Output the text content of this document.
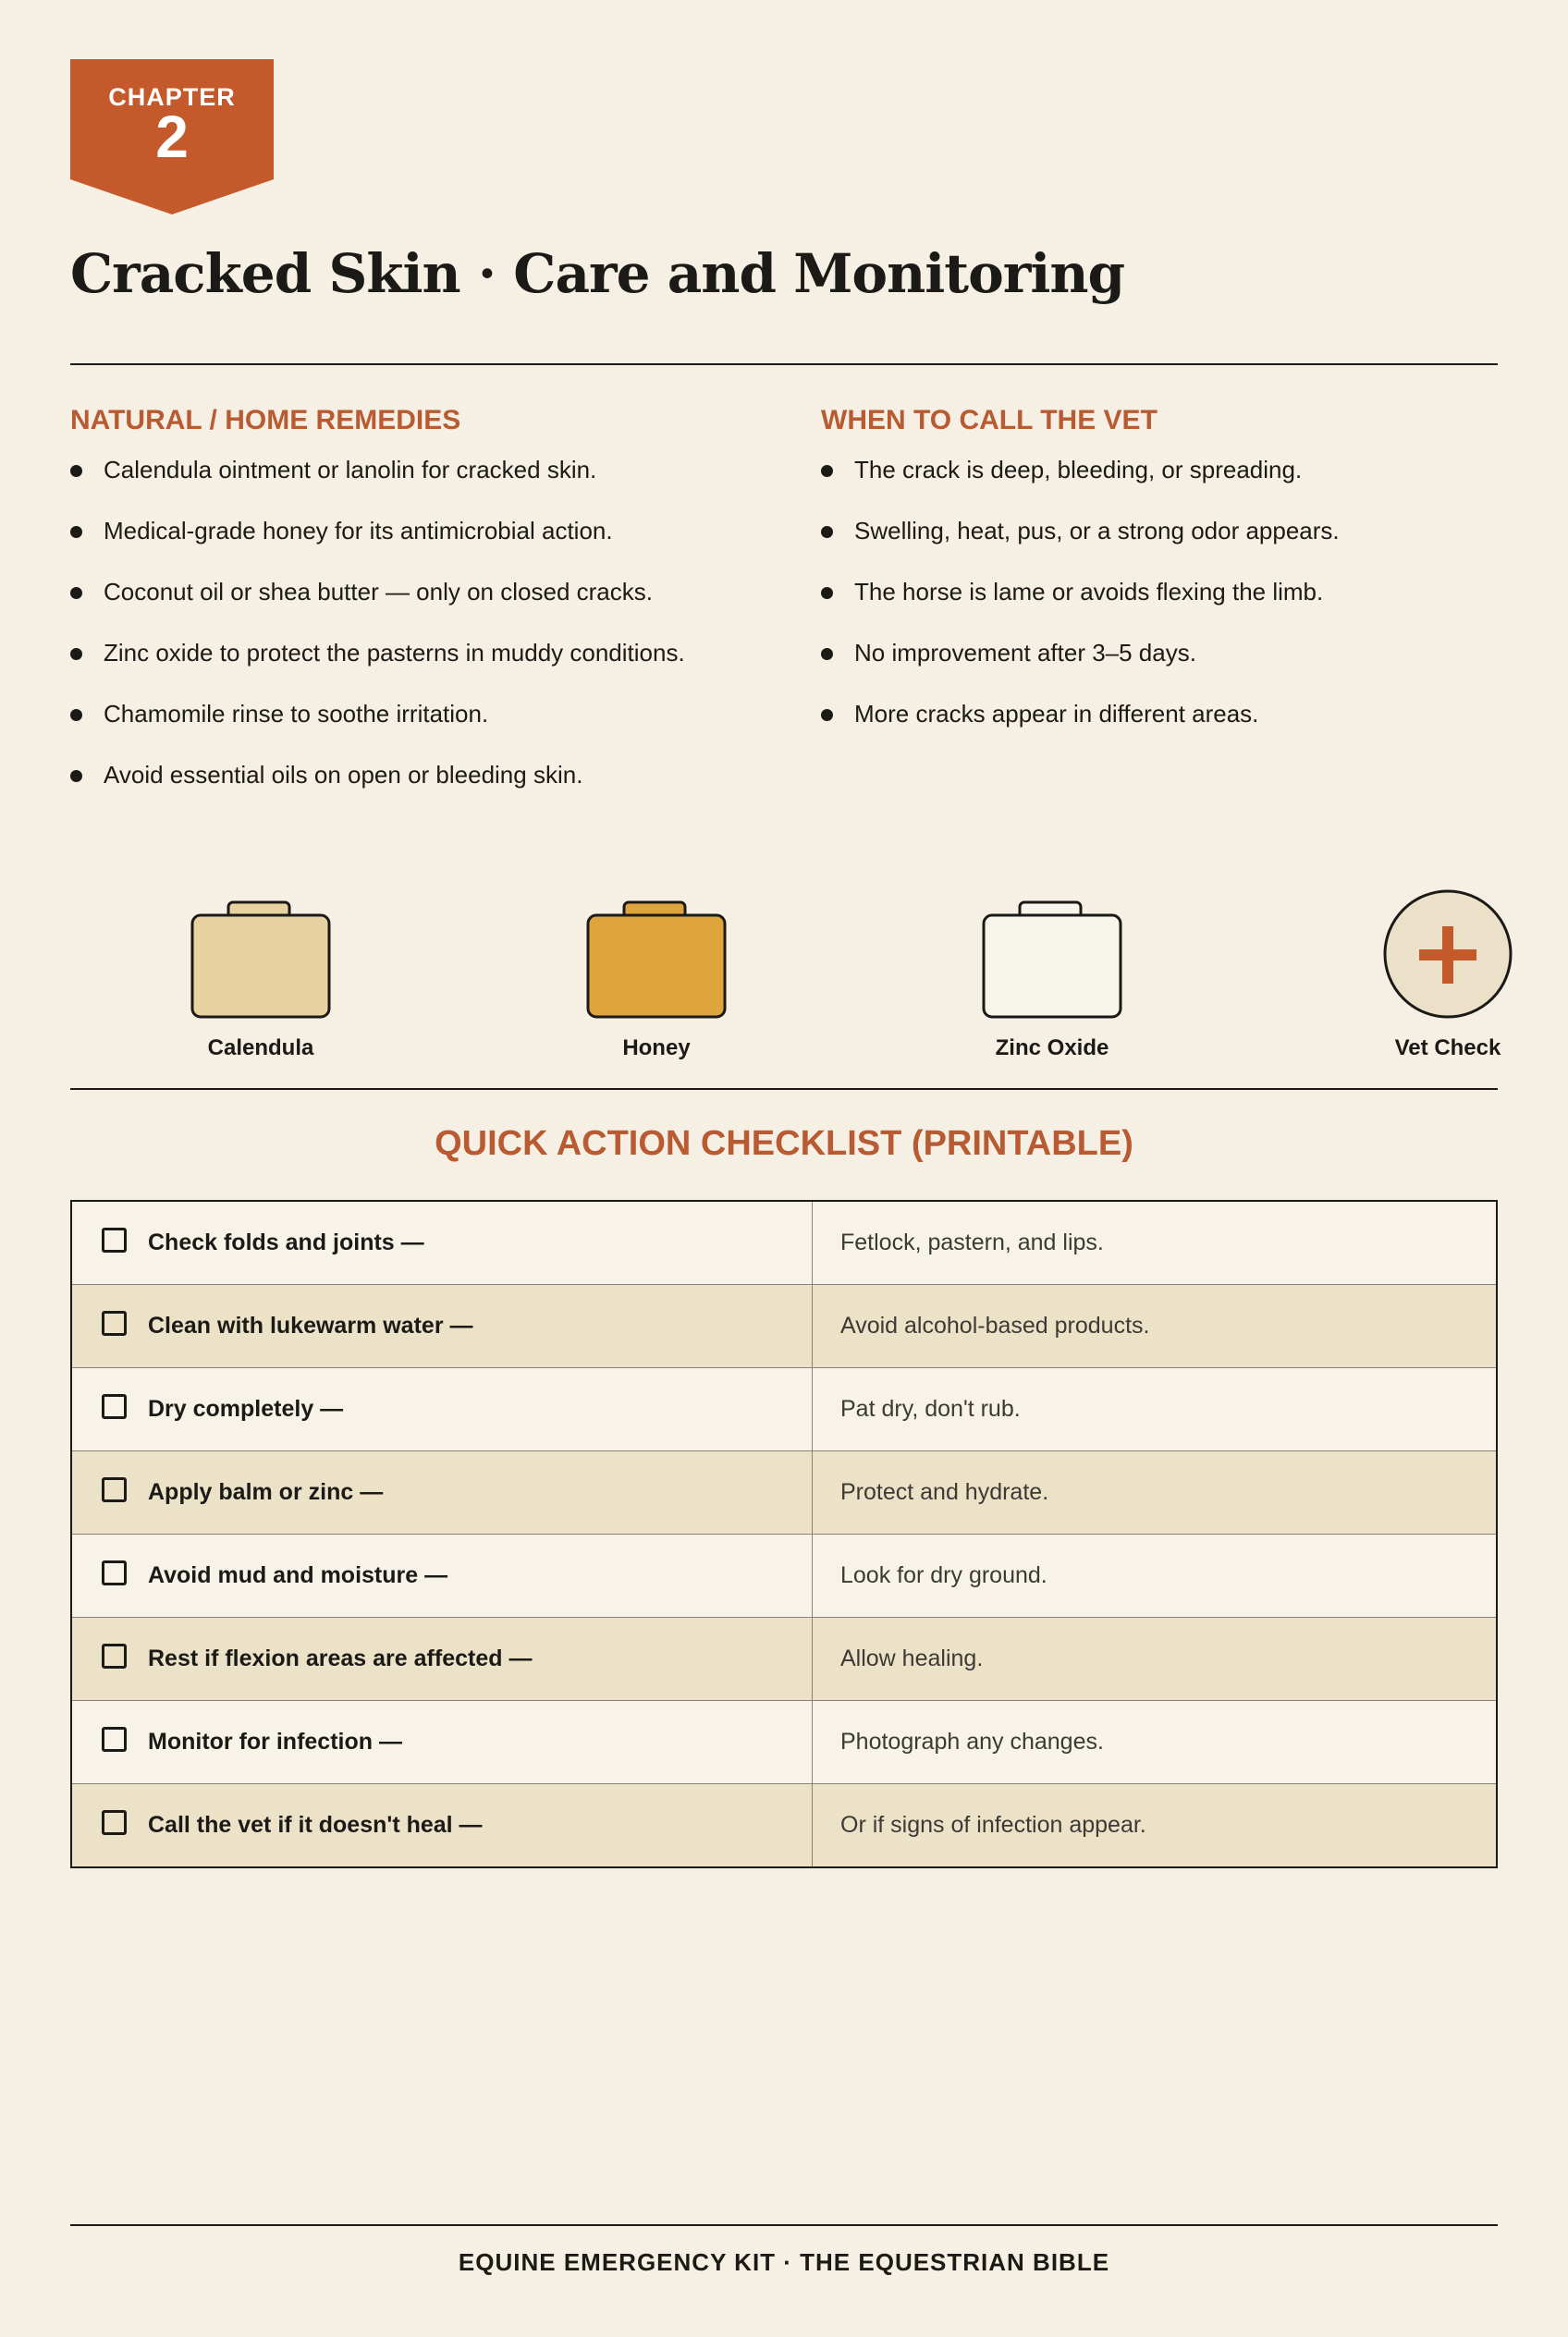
CHAPTER
2
Cracked Skin · Care and Monitoring
NATURAL / HOME REMEDIES
Calendula ointment or lanolin for cracked skin.
Medical-grade honey for its antimicrobial action.
Coconut oil or shea butter — only on closed cracks.
Zinc oxide to protect the pasterns in muddy conditions.
Chamomile rinse to soothe irritation.
Avoid essential oils on open or bleeding skin.
WHEN TO CALL THE VET
The crack is deep, bleeding, or spreading.
Swelling, heat, pus, or a strong odor appears.
The horse is lame or avoids flexing the limb.
No improvement after 3–5 days.
More cracks appear in different areas.
Calendula	Honey	Zinc Oxide	Vet Check
QUICK ACTION CHECKLIST (PRINTABLE)
Check folds and joints —	Fetlock, pastern, and lips.

Clean with lukewarm water —	Avoid alcohol-based products.

Dry completely —	Pat dry, don't rub.

Apply balm or zinc —	Protect and hydrate.

Avoid mud and moisture —	Look for dry ground.

Rest if flexion areas are affected —	Allow healing.

Monitor for infection —	Photograph any changes.

Call the vet if it doesn't heal —	Or if signs of infection appear.
EQUINE EMERGENCY KIT · THE EQUESTRIAN BIBLE
